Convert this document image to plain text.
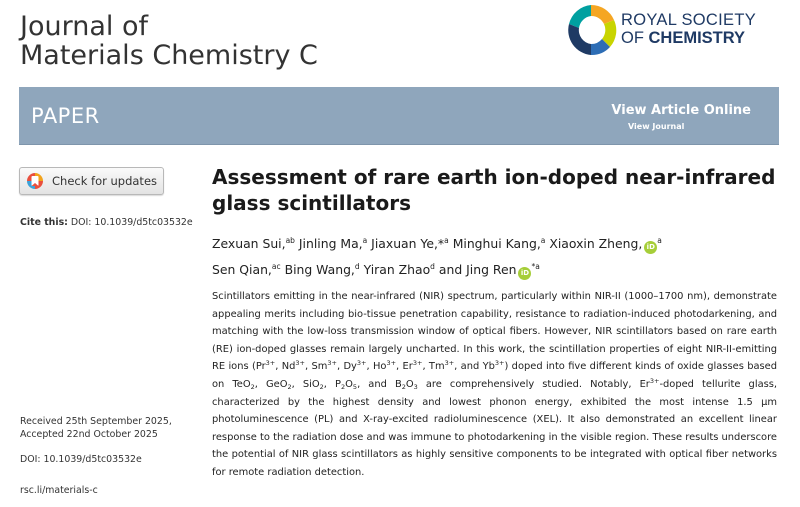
Journal of
Materials Chemistry C
ROYAL SOCIETY
OF CHEMISTRY
PAPER	View Article Online
View Journal
Check for updates
Cite this: DOI: 10.1039/d5tc03532e
Received 25th September 2025,
Accepted 22nd October 2025
DOI: 10.1039/d5tc03532e
rsc.li/materials-c
Assessment of rare earth ion-doped near-infrared glass scintillators
Zexuan Sui,$^{ab}$ Jinling Ma,$^a$ Jiaxuan Ye,*$^a$ Minghui Kang,$^a$ Xiaoxin Zheng, $iD^a$
Sen Qian,$^{ac}$ Bing Wang,$^d$ Yiran Zhao$^d$ and Jing Ren $iD^{*a}$

Scintillators emitting in the near-infrared (NIR) spectrum, particularly within NIR-II (1000–1700 nm), demonstrate appealing merits including bio-tissue penetration capability, resistance to radiation-induced photodarkening, and matching with the low-loss transmission window of optical fibers. However, NIR scintillators based on rare earth (RE) ion-doped glasses remain largely uncharted. In this work, the scintillation properties of eight NIR-II-emitting RE ions ($Pr^{3+}$, $Nd^{3+}$, $Sm^{3+}$, $Dy^{3+}$, $Ho^{3+}$, $Er^{3+}$, $Tm^{3+}$, and $Yb^{3+}$) doped into five different kinds of oxide glasses based on TeO$_2$, GeO$_2$, SiO$_2$, $P_2O_5$, and $B_2O_3$ are comprehensively studied. Notably, $Er^{3+}$-doped tellurite glass, characterized by the highest density and lowest phonon energy, exhibited the most intense 1.5 μm photoluminescence (PL) and X-ray-excited radioluminescence (XEL). It also demonstrated an excellent linear response to the radiation dose and was immune to photodarkening in the visible region. These results underscore the potential of NIR glass scintillators as highly sensitive components to be integrated with optical fiber networks for remote radiation detection.
